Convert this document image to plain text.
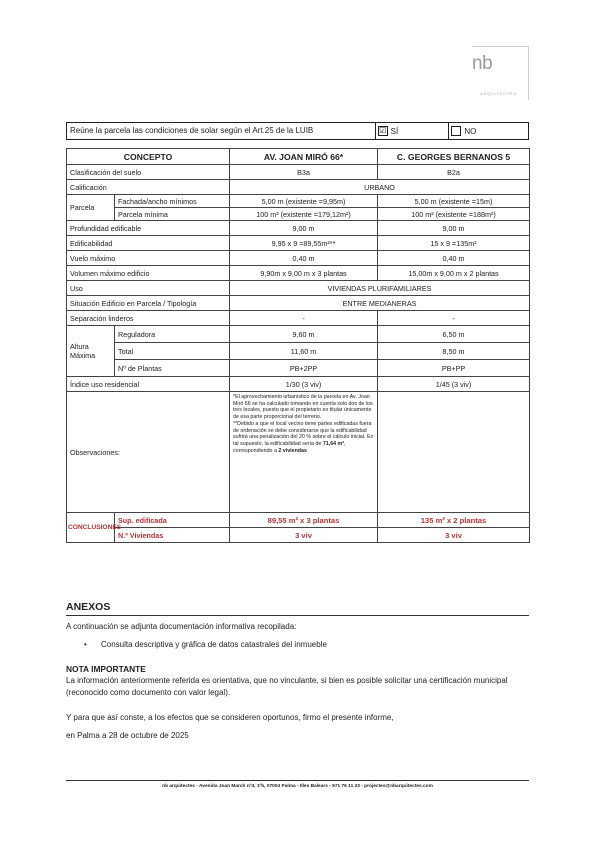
nb
ARQUITECTES
Reúne la parcela las condiciones de solar según el Art.25 de la LUIB	☑ SÍ	NO
CONCEPTO		AV. JOAN MIRÓ 66*	C. GEORGES BERNANOS 5
Clasificación del suelo		B3a	B2a
Calificación		URBANO	
Parcela	Fachada/ancho mínimos	5,00 m (existente =9,95m)	5,00 m (existente =15m)
	Parcela mínima	100 m² (existente =179,12m²)	100 m² (existente =188m²)
Profundidad edificable		9,00 m	9,00 m
Edificabilidad		9,95 x 9 =89,55m²**	15 x 9 =135m²
Vuelo máximo		0,40 m	0,40 m
Volumen máximo edificio		9,90m x 9,00 m x 3 plantas	15,00m x 9,00 m x 2 plantas
Uso		VIVIENDAS PLURIFAMILIARES	
Situación Edificio en Parcela / Tipología		ENTRE MEDIANERAS	
Separación linderos		-	-
Altura
Máxima	Reguladora	9,60 m	6,50 m
	Total	11,60 m	8,50 m
	Nº de Plantas	PB+2PP	PB+PP
Índice uso residencial		1/30 (3 viv)	1/45 (3 viv)
Observaciones:		*El aprovechamiento urbanístico de la parcela en Av. Joan Miró 66 se ha calculado tomando en cuenta solo dos de los tres locales, puesto que el propietario es titular únicamente de esa parte proporcional del terreno.
**Debido a que el local vecino tiene partes edificadas fuera de ordenación se debe considerarse que la edificabilidad sufrirá una penalización del 20 % sobre el cálculo inicial. En tal supuesto, la edificabilidad sería de 71,64 m², correspondiendo a 2 viviendas	
CONCLUSIONES	Sup. edificada	89,55 m² x 3 plantas	135 m² x 2 plantas
	N.º Viviendas	3 viv	3 viv
ANEXOS
A continuación se adjunta documentación informativa recopilada:
• Consulta descriptiva y gráfica de datos catastrales del inmueble
NOTA IMPORTANTE
La información anteriormente referida es orientativa, que no vinculante, si bien es posible solicitar una certificación municipal (reconocido como documento con valor legal).
Y para que así conste, a los efectos que se consideren oportunos, firmo el presente informe,
en Palma a 28 de octubre de 2025
nb arquitectes - Avenida Joan March nº4, 1ºb, 07004 Palma - Illes Balears - 971 76 11 23 - projectes@nbarquitectes.com
